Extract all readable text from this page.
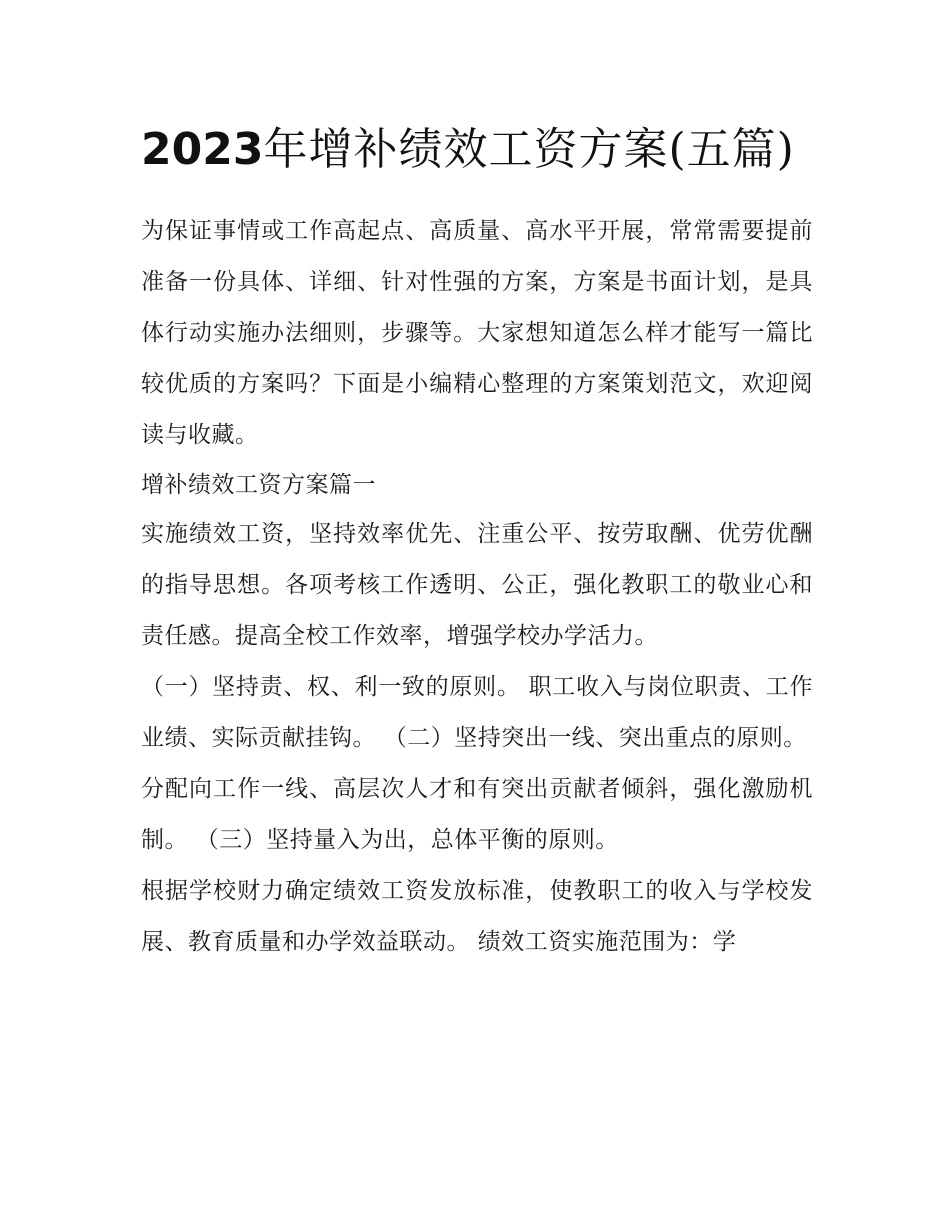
2023年增补绩效工资方案(五篇)

为保证事情或工作高起点、高质量、高水平开展，常常需要提前准备一份具体、详细、针对性强的方案，方案是书面计划，是具体行动实施办法细则，步骤等。大家想知道怎么样才能写一篇比较优质的方案吗？下面是小编精心整理的方案策划范文，欢迎阅读与收藏。

增补绩效工资方案篇一

实施绩效工资，坚持效率优先、注重公平、按劳取酬、优劳优酬的指导思想。各项考核工作透明、公正，强化教职工的敬业心和责任感。提高全校工作效率，增强学校办学活力。

（一）坚持责、权、利一致的原则。 职工收入与岗位职责、工作业绩、实际贡献挂钩。 （二）坚持突出一线、突出重点的原则。

分配向工作一线、高层次人才和有突出贡献者倾斜，强化激励机制。 （三）坚持量入为出，总体平衡的原则。

根据学校财力确定绩效工资发放标准，使教职工的收入与学校发展、教育质量和办学效益联动。 绩效工资实施范围为：学
